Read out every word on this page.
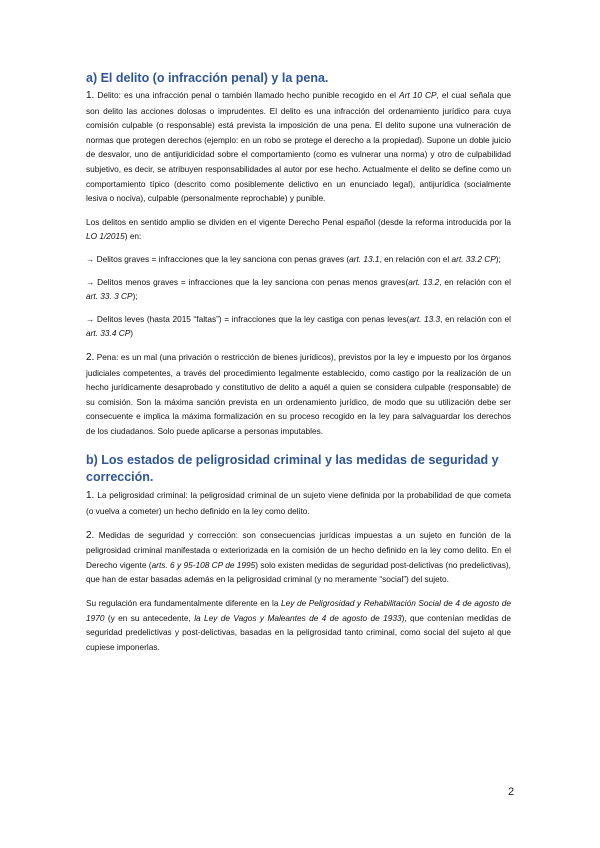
a) El delito (o infracción penal) y la pena.

1. Delito: es una infracción penal o también llamado hecho punible recogido en el Art 10 CP, el cual señala que son delito las acciones dolosas o imprudentes. El delito es una infracción del ordenamiento jurídico para cuya comisión culpable (o responsable) está prevista la imposición de una pena. El delito supone una vulneración de normas que protegen derechos (ejemplo: en un robo se protege el derecho a la propiedad). Supone un doble juicio de desvalor, uno de antijuridicidad sobre el comportamiento (como es vulnerar una norma) y otro de culpabilidad subjetivo, es decir, se atribuyen responsabilidades al autor por ese hecho. Actualmente el delito se define como un comportamiento típico (descrito como posiblemente delictivo en un enunciado legal), antijurídica (socialmente lesiva o nociva), culpable (personalmente reprochable) y punible.

Los delitos en sentido amplio se dividen en el vigente Derecho Penal español (desde la reforma introducida por la LO 1/2015) en:

→ Delitos graves = infracciones que la ley sanciona con penas graves (art. 13.1, en relación con el art. 33.2 CP);

→ Delitos menos graves = infracciones que la ley sanciona con penas menos graves(art. 13.2, en relación con el art. 33. 3 CP);

→ Delitos leves (hasta 2015 “faltas”) = infracciones que la ley castiga con penas leves(art. 13.3, en relación con el art. 33.4 CP)

2. Pena: es un mal (una privación o restricción de bienes jurídicos), previstos por la ley e impuesto por los órganos judiciales competentes, a través del procedimiento legalmente establecido, como castigo por la realización de un hecho jurídicamente desaprobado y constitutivo de delito a aquél a quien se considera culpable (responsable) de su comisión. Son la máxima sanción prevista en un ordenamiento jurídico, de modo que su utilización debe ser consecuente e implica la máxima formalización en su proceso recogido en la ley para salvaguardar los derechos de los ciudadanos. Solo puede aplicarse a personas imputables.

b) Los estados de peligrosidad criminal y las medidas de seguridad y corrección.

1. La peligrosidad criminal: la peligrosidad criminal de un sujeto viene definida por la probabilidad de que cometa (o vuelva a cometer) un hecho definido en la ley como delito.

2. Medidas de seguridad y corrección: son consecuencias jurídicas impuestas a un sujeto en función de la peligrosidad criminal manifestada o exteriorizada en la comisión de un hecho definido en la ley como delito. En el Derecho vigente (arts. 6 y 95-108 CP de 1995) solo existen medidas de seguridad post-delictivas (no predelictivas), que han de estar basadas además en la peligrosidad criminal (y no meramente “social”) del sujeto.

Su regulación era fundamentalmente diferente en la Ley de Peligrosidad y Rehabilitación Social de 4 de agosto de 1970 (y en su antecedente, la Ley de Vagos y Maleantes de 4 de agosto de 1933), que contenían medidas de seguridad predelictivas y post-delictivas, basadas en la peligrosidad tanto criminal, como social del sujeto al que cupiese imponerlas.

2
